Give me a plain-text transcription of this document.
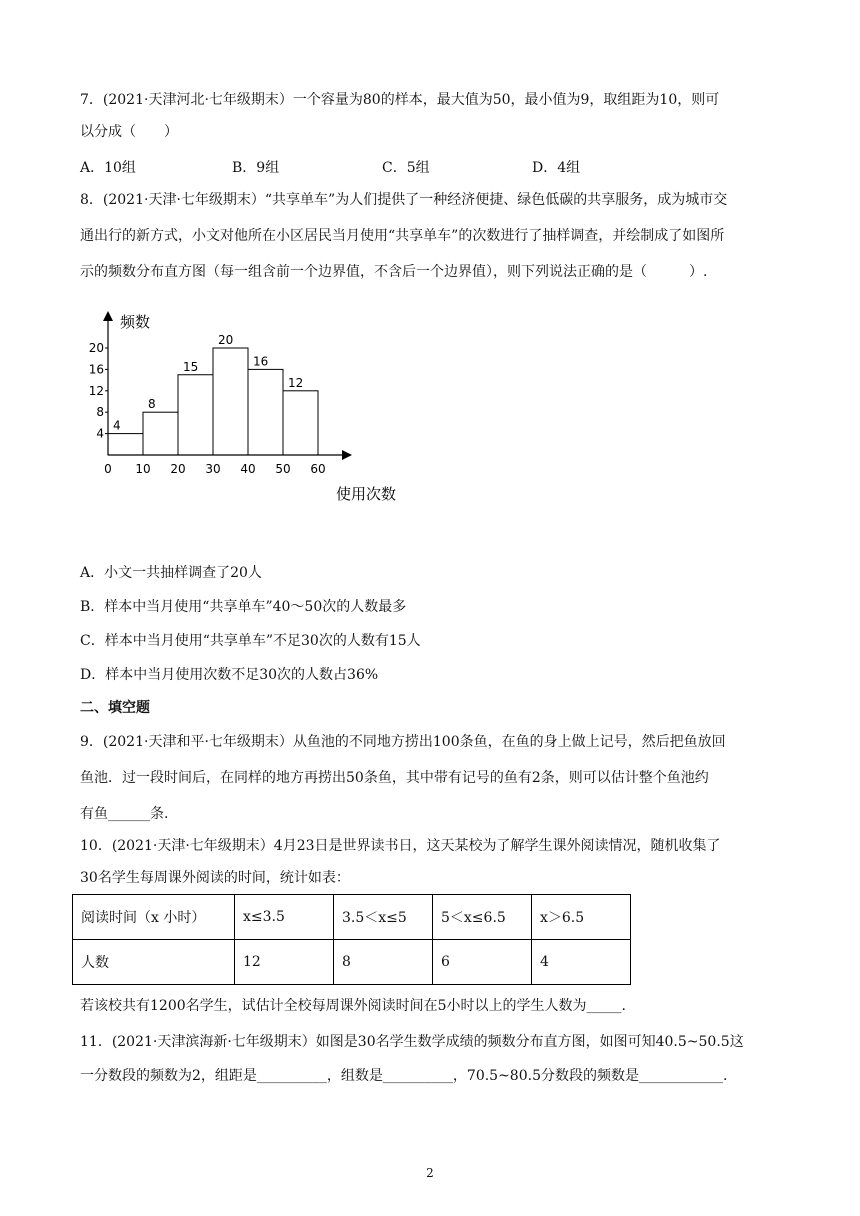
7．(2021·天津河北·七年级期末）一个容量为80的样本，最大值为50，最小值为9，取组距为10，则可
以分成（　　）
A．10组	B．9组	C．5组	D．4组
8．(2021·天津·七年级期末）“共享单车”为人们提供了一种经济便捷、绿色低碳的共享服务，成为城市交
通出行的新方式，小文对他所在小区居民当月使用“共享单车”的次数进行了抽样调查，并绘制成了如图所
示的频数分布直方图（每一组含前一个边界值，不含后一个边界值），则下列说法正确的是（　　　）.
4
8
15
20
16
12
4
8
12
16
20
0 10 20 30 40 50 60
频数
使用次数
A．小文一共抽样调查了20人
B．样本中当月使用“共享单车”40～50次的人数最多
C．样本中当月使用“共享单车”不足30次的人数有15人
D．样本中当月使用次数不足30次的人数占36%
二、填空题
9．(2021·天津和平·七年级期末）从鱼池的不同地方捞出100条鱼，在鱼的身上做上记号，然后把鱼放回
鱼池．过一段时间后，在同样的地方再捞出50条鱼，其中带有记号的鱼有2条，则可以估计整个鱼池约
有鱼______条.
10．(2021·天津·七年级期末）4月23日是世界读书日，这天某校为了解学生课外阅读情况，随机收集了
30名学生每周课外阅读的时间，统计如表：
阅读时间（x 小时）	x≤3.5	3.5＜x≤5	5＜x≤6.5	x＞6.5
人数	12	8	6	4
若该校共有1200名学生，试估计全校每周课外阅读时间在5小时以上的学生人数为_____.
11．(2021·天津滨海新·七年级期末）如图是30名学生数学成绩的频数分布直方图，如图可知40.5~50.5这
一分数段的频数为2，组距是__________，组数是__________，70.5~80.5分数段的频数是____________.
2
